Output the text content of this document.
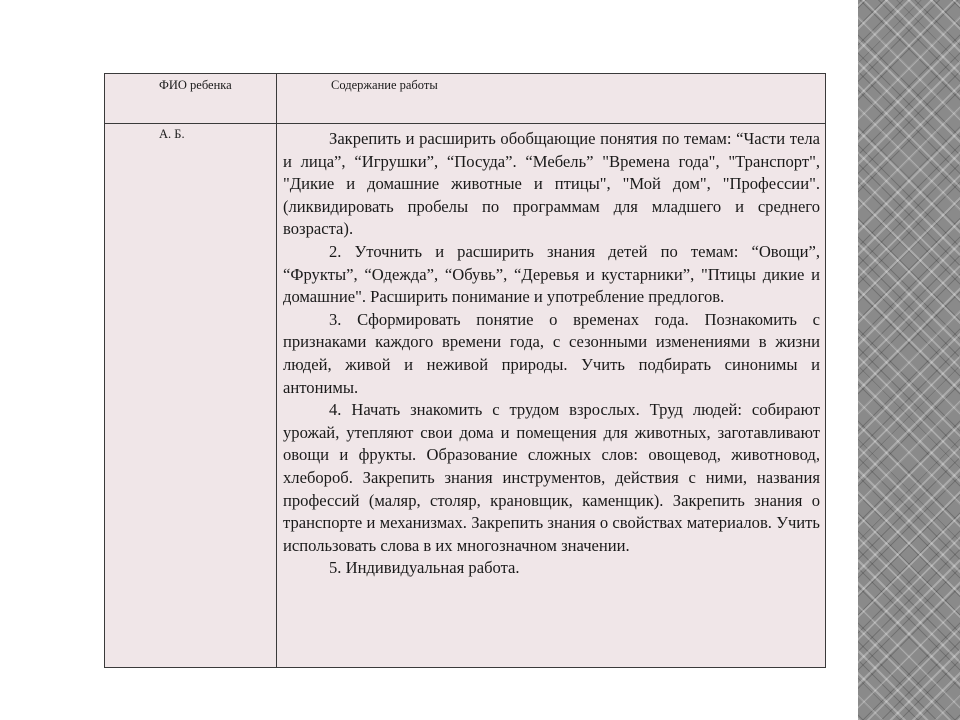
ФИО ребенка	Содержание работы
А. Б.	Закрепить и расширить обобщающие понятия по темам: “Части тела и лица”, “Игрушки”, “Посуда”. “Мебель” "Времена года", "Транспорт", "Дикие и домашние животные и птицы", "Мой дом", "Профессии". (ликвидировать пробелы по программам для младшего и среднего возраста).

2. Уточнить и расширить знания детей по темам: “Овощи”, “Фрукты”, “Одежда”, “Обувь”, “Деревья и кустарники”, "Птицы дикие и домашние". Расширить понимание и употребление предлогов.

3. Сформировать понятие о временах года. Познакомить с признаками каждого времени года, с сезонными изменениями в жизни людей, живой и неживой природы. Учить подбирать синонимы и антонимы.

4. Начать знакомить с трудом взрослых. Труд людей: собирают урожай, утепляют свои дома и помещения для животных, заготавливают овощи и фрукты. Образование сложных слов: овощевод, животновод, хлебороб. Закрепить знания инструментов, действия с ними, названия профессий (маляр, столяр, крановщик, каменщик). Закрепить знания о транспорте и механизмах. Закрепить знания о свойствах материалов. Учить использовать слова в их многозначном значении.

5. Индивидуальная работа.
